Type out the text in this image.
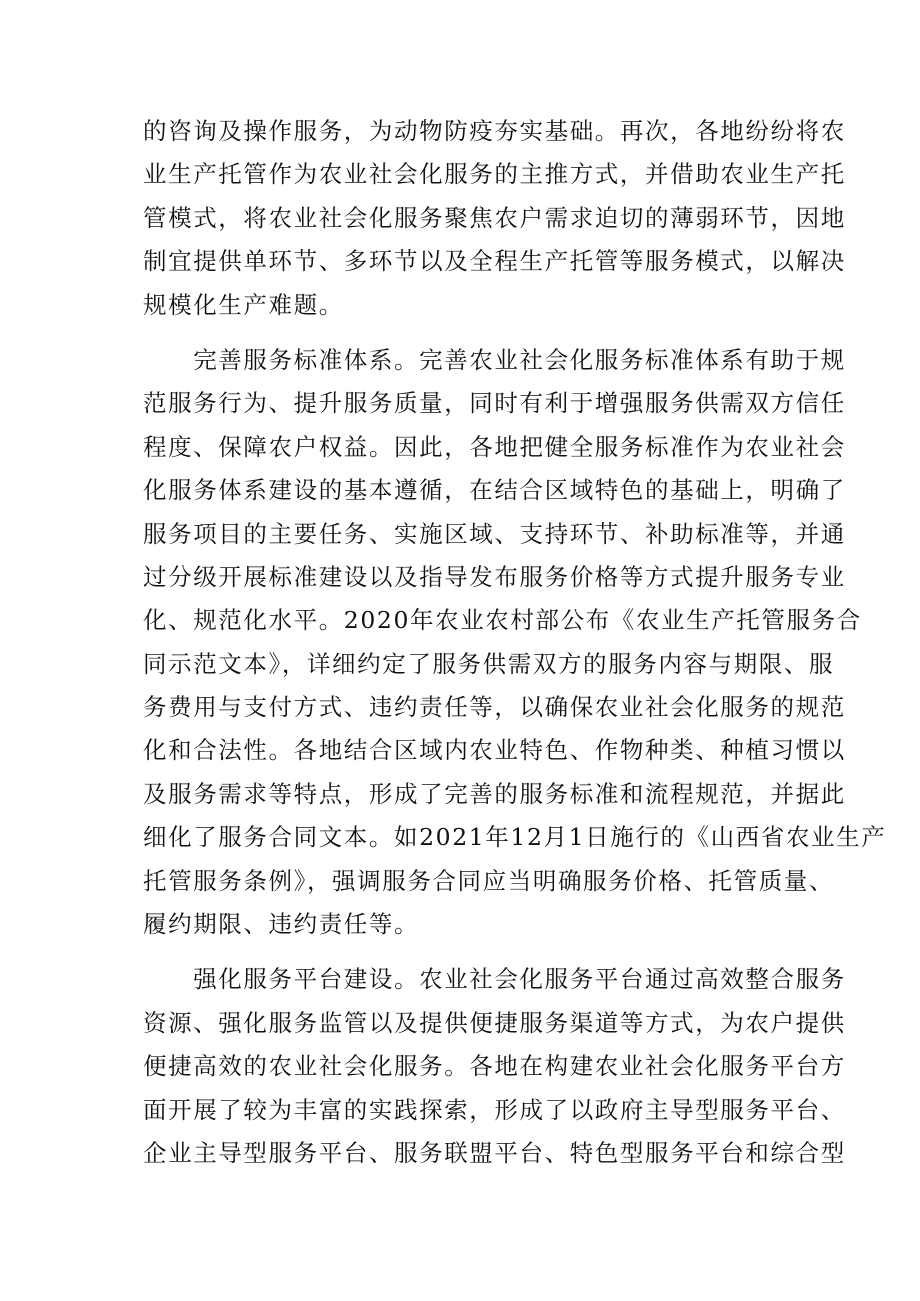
的咨询及操作服务，为动物防疫夯实基础。再次，各地纷纷将农
业生产托管作为农业社会化服务的主推方式，并借助农业生产托
管模式，将农业社会化服务聚焦农户需求迫切的薄弱环节，因地
制宜提供单环节、多环节以及全程生产托管等服务模式，以解决
规模化生产难题。
　　完善服务标准体系。完善农业社会化服务标准体系有助于规
范服务行为、提升服务质量，同时有利于增强服务供需双方信任
程度、保障农户权益。因此，各地把健全服务标准作为农业社会
化服务体系建设的基本遵循，在结合区域特色的基础上，明确了
服务项目的主要任务、实施区域、支持环节、补助标准等，并通
过分级开展标准建设以及指导发布服务价格等方式提升服务专业
化、规范化水平。2020年农业农村部公布《农业生产托管服务合
同示范文本》，详细约定了服务供需双方的服务内容与期限、服
务费用与支付方式、违约责任等，以确保农业社会化服务的规范
化和合法性。各地结合区域内农业特色、作物种类、种植习惯以
及服务需求等特点，形成了完善的服务标准和流程规范，并据此
细化了服务合同文本。如2021年12月1日施行的《山西省农业生产
托管服务条例》，强调服务合同应当明确服务价格、托管质量、
履约期限、违约责任等。
　　强化服务平台建设。农业社会化服务平台通过高效整合服务
资源、强化服务监管以及提供便捷服务渠道等方式，为农户提供
便捷高效的农业社会化服务。各地在构建农业社会化服务平台方
面开展了较为丰富的实践探索，形成了以政府主导型服务平台、
企业主导型服务平台、服务联盟平台、特色型服务平台和综合型
